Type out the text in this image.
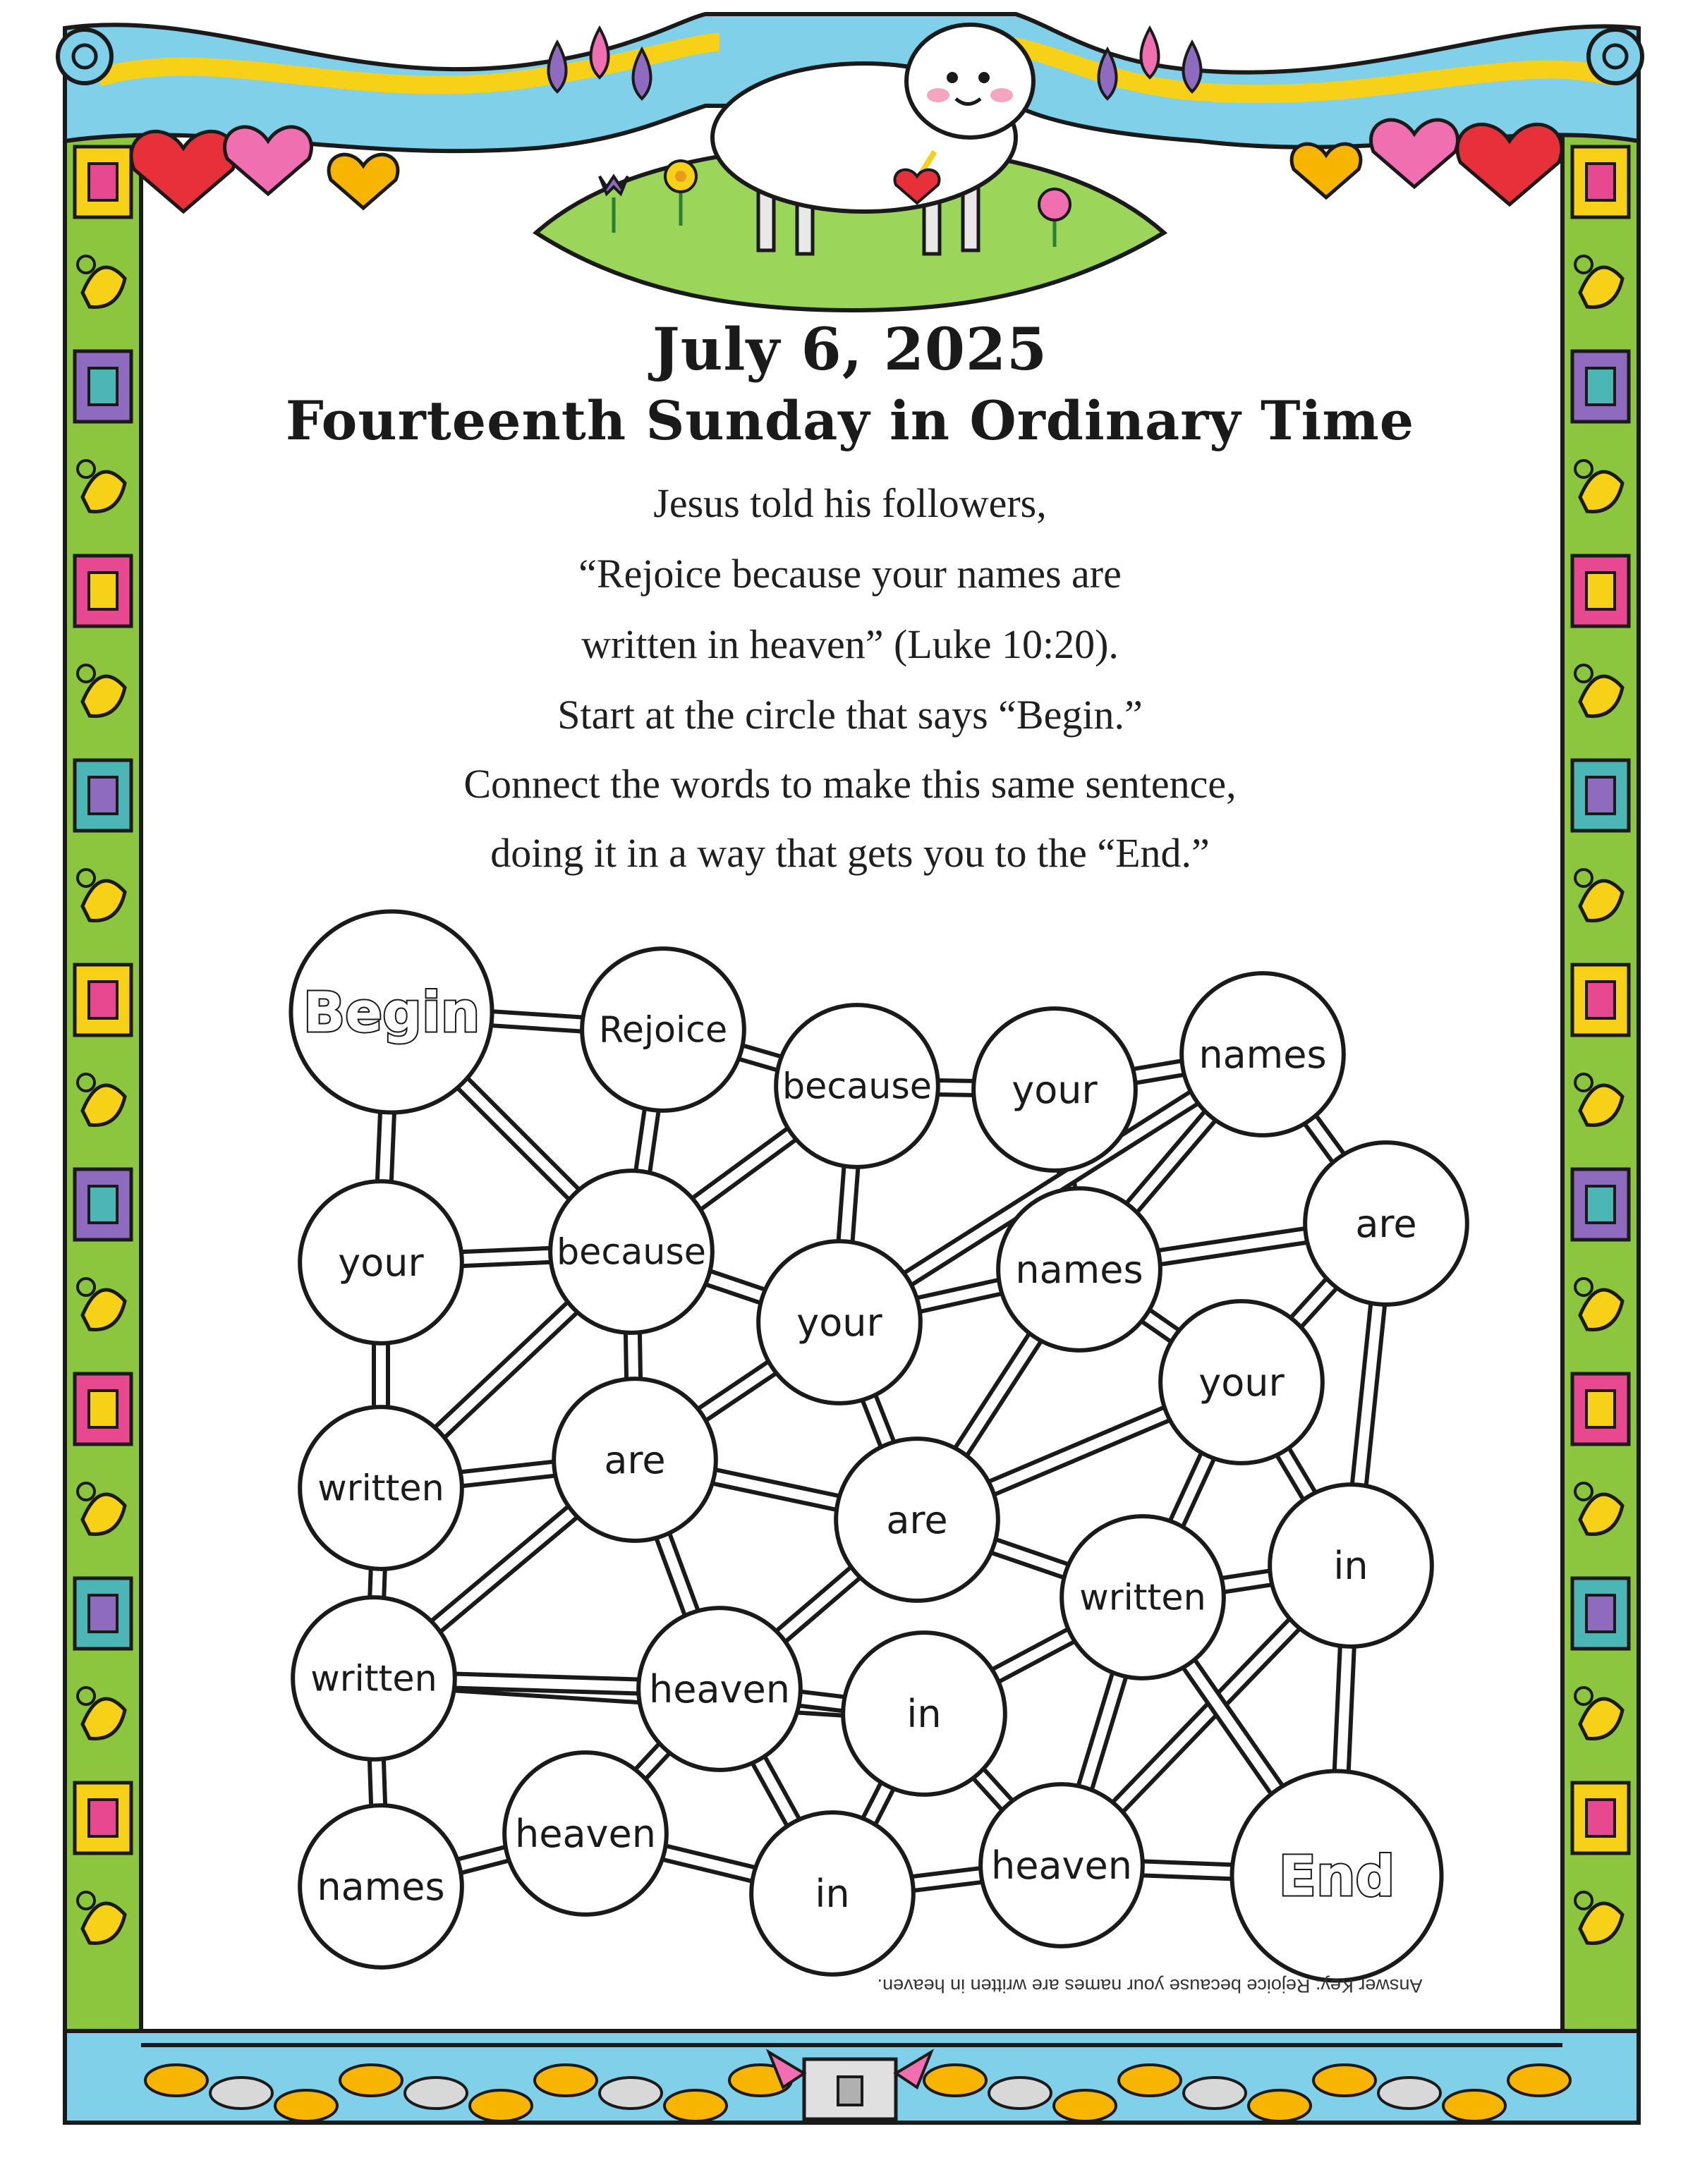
July 6, 2025
Fourteenth Sunday in Ordinary Time
Jesus told his followers,
“Rejoice because your names are
written in heaven” (Luke 10:20).
Start at the circle that says “Begin.”
Connect the words to make this same sentence,
doing it in a way that gets you to the “End.”
Begin	Rejoice
because your
names
your	because
your
names
are
written
are
are
your
in
written	heaven
written
in
names
heaven
in
heaven	End
Answer Key: Rejoice because your names are written in heaven.
